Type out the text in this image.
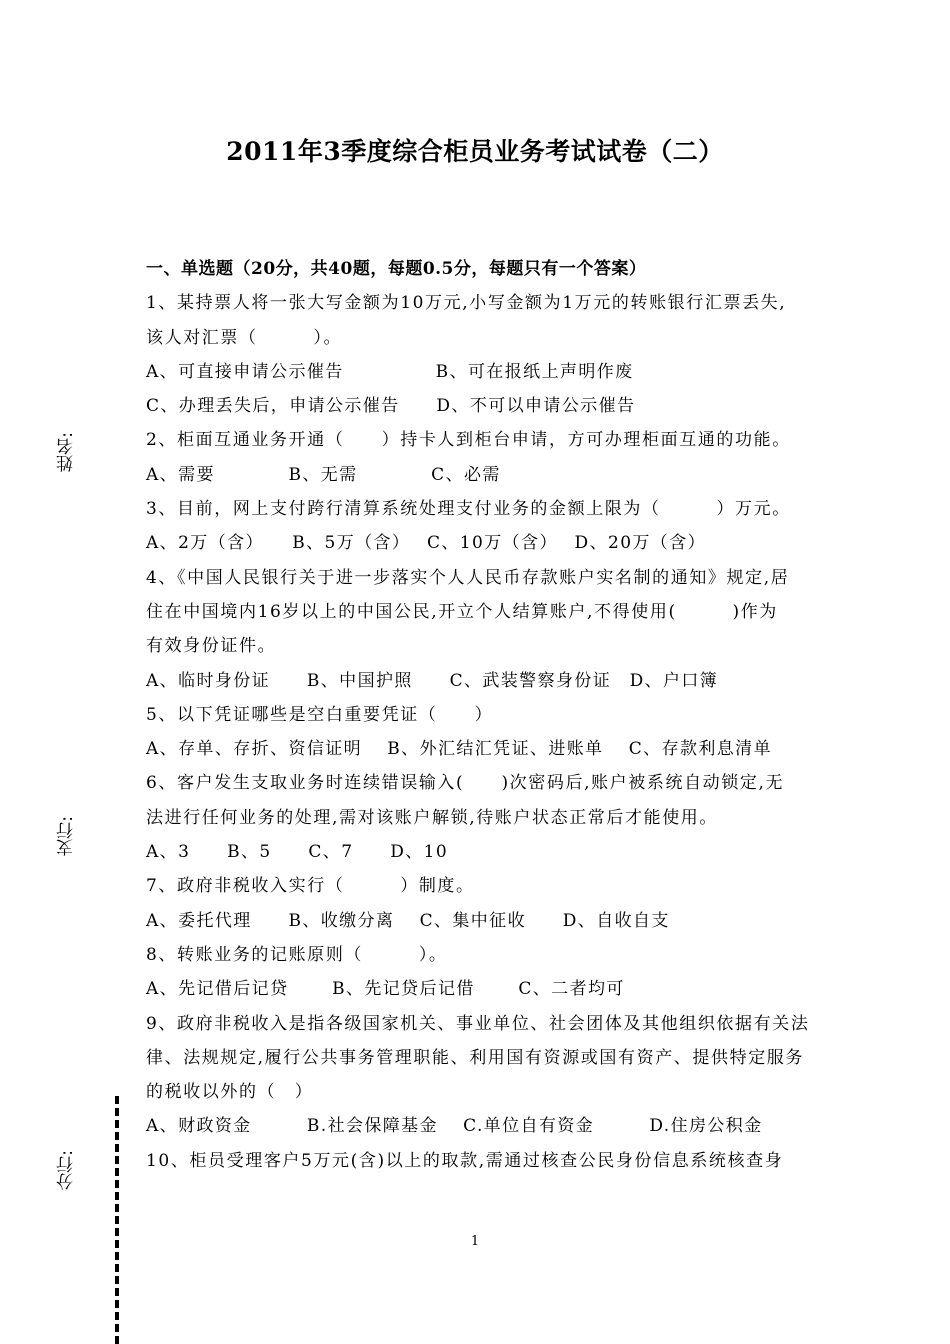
2011年3季度综合柜员业务考试试卷（二）
姓名:
支行:
分行:
一、单选题（20分，共40题，每题0.5分，每题只有一个答案）
1、某持票人将一张大写金额为10万元,小写金额为1万元的转账银行汇票丢失,
该人对汇票（　　　）。
A、可直接申请公示催告　　　　　B、可在报纸上声明作废
C、办理丢失后，申请公示催告　　D、不可以申请公示催告
2、柜面互通业务开通（　　）持卡人到柜台申请，方可办理柜面互通的功能。
A、需要　　　　B、无需　　　　C、必需
3、目前，网上支付跨行清算系统处理支付业务的金额上限为（　　　）万元。
A、2万（含）　　B、5万（含）　 C、10万（含）　 D、20万（含）
4、《中国人民银行关于进一步落实个人人民币存款账户实名制的通知》规定,居
住在中国境内16岁以上的中国公民,开立个人结算账户,不得使用(　　　)作为
有效身份证件。
A、临时身份证　　B、中国护照　　C、武装警察身份证　D、户口簿
5、以下凭证哪些是空白重要凭证（　　）
A、存单、存折、资信证明　 B、外汇结汇凭证、进账单　 C、存款利息清单
6、客户发生支取业务时连续错误输入(　　)次密码后,账户被系统自动锁定,无
法进行任何业务的处理,需对该账户解锁,待账户状态正常后才能使用。
A、3　　B、5　　C、7　　D、10
7、政府非税收入实行（　　　）制度。
A、委托代理　　B、收缴分离　 C、集中征收　　D、自收自支
8、转账业务的记账原则（　　　）。
A、先记借后记贷　　 B、先记贷后记借　　 C、二者均可
9、政府非税收入是指各级国家机关、事业单位、社会团体及其他组织依据有关法
律、法规规定,履行公共事务管理职能、利用国有资源或国有资产、提供特定服务
的税收以外的（　）
A、财政资金　　　B.社会保障基金　 C.单位自有资金　　　D.住房公积金
10、柜员受理客户5万元(含)以上的取款,需通过核查公民身份信息系统核查身
1
